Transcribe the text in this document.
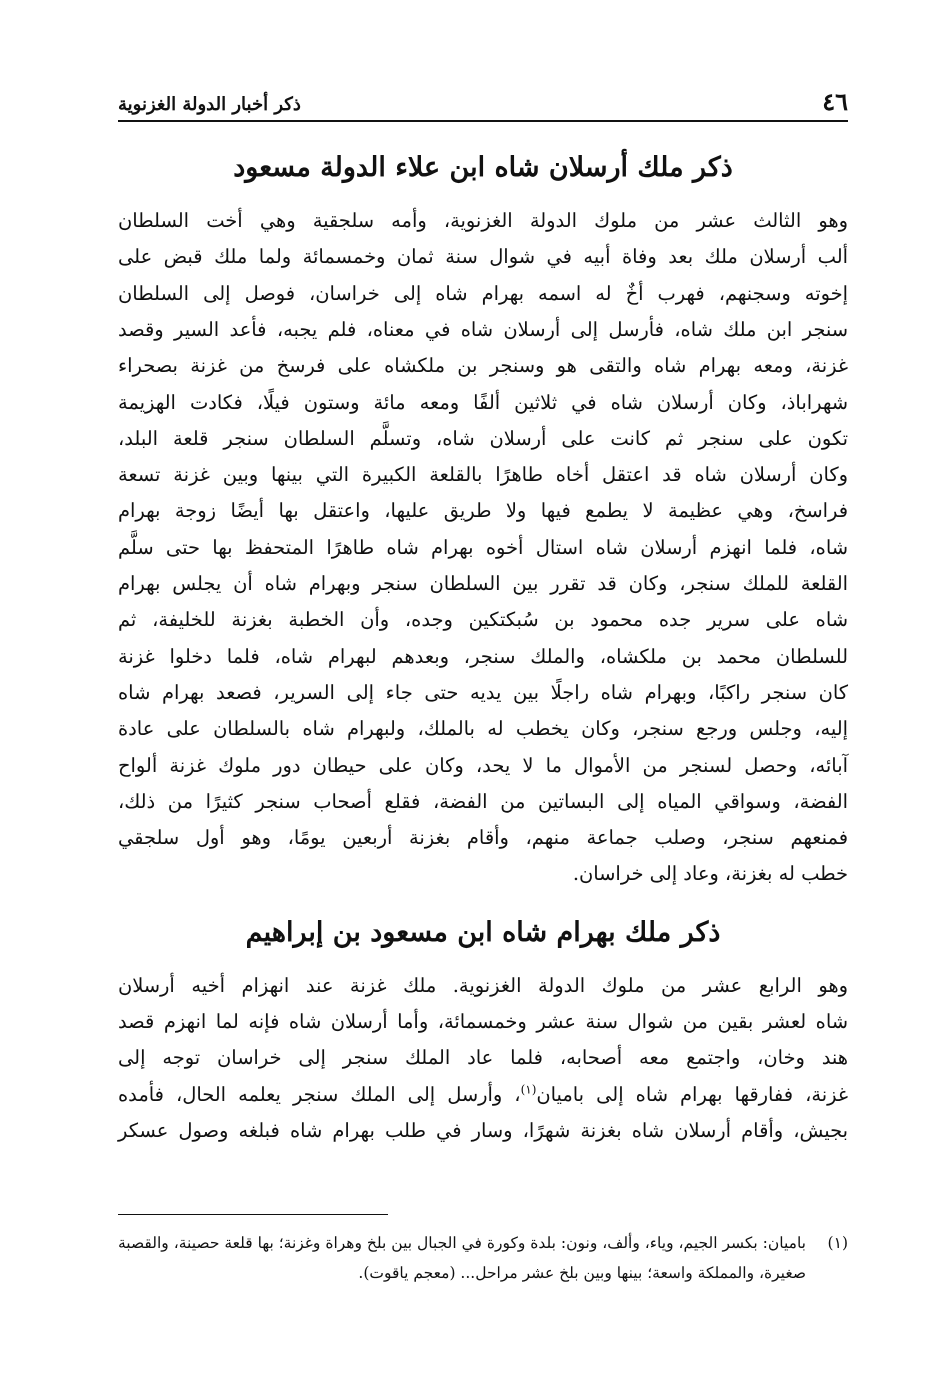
٤٦
ذكر أخبار الدولة الغزنوية
ذكر ملك أرسلان شاه ابن علاء الدولة مسعود
وهو الثالث عشر من ملوك الدولة الغزنوية، وأمه سلجقية وهي أخت السلطان
ألب أرسلان ملك بعد وفاة أبيه في شوال سنة ثمان وخمسمائة ولما ملك قبض على
إخوته وسجنهم، فهرب أخٌ له اسمه بهرام شاه إلى خراسان، فوصل إلى السلطان
سنجر ابن ملك شاه، فأرسل إلى أرسلان شاه في معناه، فلم يجبه، فأعد السير وقصد
غزنة، ومعه بهرام شاه والتقى هو وسنجر بن ملكشاه على فرسخ من غزنة بصحراء
شهراباذ، وكان أرسلان شاه في ثلاثين ألفًا ومعه مائة وستون فيلًا، فكادت الهزيمة
تكون على سنجر ثم كانت على أرسلان شاه، وتسلَّم السلطان سنجر قلعة البلد،
وكان أرسلان شاه قد اعتقل أخاه طاهرًا بالقلعة الكبيرة التي بينها وبين غزنة تسعة
فراسخ، وهي عظيمة لا يطمع فيها ولا طريق عليها، واعتقل بها أيضًا زوجة بهرام
شاه، فلما انهزم أرسلان شاه استال أخوه بهرام شاه طاهرًا المتحفظ بها حتى سلَّم
القلعة للملك سنجر، وكان قد تقرر بين السلطان سنجر وبهرام شاه أن يجلس بهرام
شاه على سرير جده محمود بن سُبكتكين وجده، وأن الخطبة بغزنة للخليفة، ثم
للسلطان محمد بن ملكشاه، والملك سنجر، وبعدهم لبهرام شاه، فلما دخلوا غزنة
كان سنجر راكبًا، وبهرام شاه راجلًا بين يديه حتى جاء إلى السرير، فصعد بهرام شاه
إليه، وجلس ورجع سنجر، وكان يخطب له بالملك، ولبهرام شاه بالسلطان على عادة
آبائه، وحصل لسنجر من الأموال ما لا يحد، وكان على حيطان دور ملوك غزنة ألواح
الفضة، وسواقي المياه إلى البساتين من الفضة، فقلع أصحاب سنجر كثيرًا من ذلك،
فمنعهم سنجر، وصلب جماعة منهم، وأقام بغزنة أربعين يومًا، وهو أول سلجقي
خطب له بغزنة، وعاد إلى خراسان.
ذكر ملك بهرام شاه ابن مسعود بن إبراهيم
وهو الرابع عشر من ملوك الدولة الغزنوية. ملك غزنة عند انهزام أخيه أرسلان
شاه لعشر بقين من شوال سنة عشر وخمسمائة، وأما أرسلان شاه فإنه لما انهزم قصد
هند وخان، واجتمع معه أصحابه، فلما عاد الملك سنجر إلى خراسان توجه إلى
غزنة، ففارقها بهرام شاه إلى باميان$^{(١)}$، وأرسل إلى الملك سنجر يعلمه الحال، فأمده
بجيش، وأقام أرسلان شاه بغزنة شهرًا، وسار في طلب بهرام شاه فبلغه وصول عسكر
(١)
باميان: بكسر الجيم، وياء، وألف، ونون: بلدة وكورة في الجبال بين بلخ وهراة وغزنة؛ بها قلعة حصينة، والقصبة صغيرة، والمملكة واسعة؛ بينها وبين بلخ عشر مراحل... (معجم ياقوت).
